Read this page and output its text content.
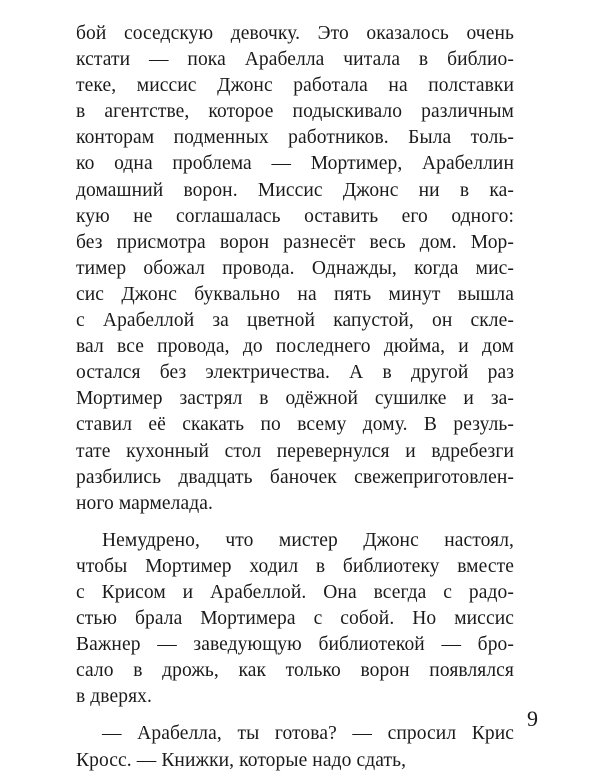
бой соседскую девочку. Это оказалось очень
кстати — пока Арабелла читала в библио-
теке, миссис Джонс работала на полставки
в агентстве, которое подыскивало различным
конторам подменных работников. Была толь-
ко одна проблема — Мортимер, Арабеллин
домашний ворон. Миссис Джонс ни в ка-
кую не соглашалась оставить его одного:
без присмотра ворон разнесёт весь дом. Мор-
тимер обожал провода. Однажды, когда мис-
сис Джонс буквально на пять минут вышла
с Арабеллой за цветной капустой, он скле-
вал все провода, до последнего дюйма, и дом
остался без электричества. А в другой раз
Мортимер застрял в одёжной сушилке и за-
ставил её скакать по всему дому. В резуль-
тате кухонный стол перевернулся и вдребезги
разбились двадцать баночек свежеприготовлен-
ного мармелада.
Немудрено, что мистер Джонс настоял,
чтобы Мортимер ходил в библиотеку вместе
с Крисом и Арабеллой. Она всегда с радо-
стью брала Мортимера с собой. Но миссис
Важнер — заведующую библиотекой — бро-
сало в дрожь, как только ворон появлялся
в дверях.
— Арабелла, ты готова? — спросил Крис
Кросс. — Книжки, которые надо сдать,
9
